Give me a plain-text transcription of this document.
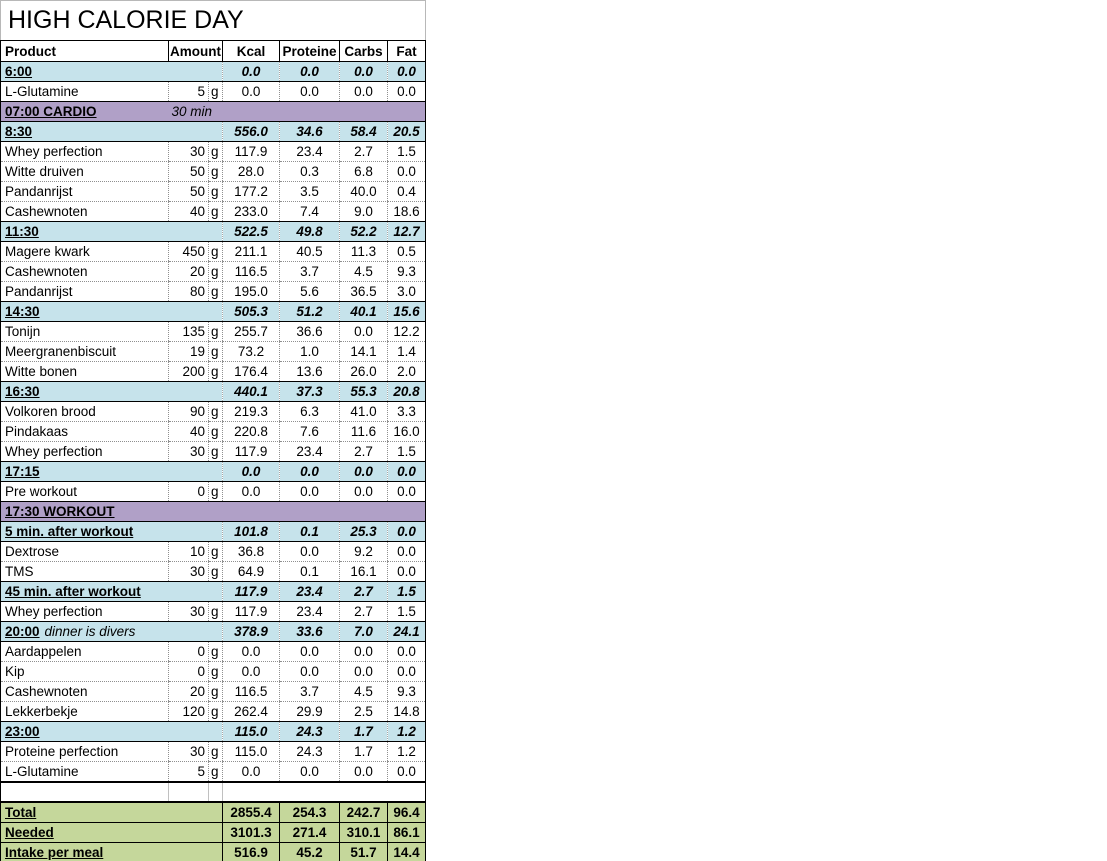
HIGH CALORIE DAY
Product	Amount		Kcal	Proteine	Carbs	Fat
6:00			0.0	0.0	0.0	0.0
L-Glutamine	5	g	0.0	0.0	0.0	0.0
07:00 CARDIO	30 min					
8:30			556.0	34.6	58.4	20.5
Whey perfection	30	g	117.9	23.4	2.7	1.5
Witte druiven	50	g	28.0	0.3	6.8	0.0
Pandanrijst	50	g	177.2	3.5	40.0	0.4
Cashewnoten	40	g	233.0	7.4	9.0	18.6
11:30			522.5	49.8	52.2	12.7
Magere kwark	450	g	211.1	40.5	11.3	0.5
Cashewnoten	20	g	116.5	3.7	4.5	9.3
Pandanrijst	80	g	195.0	5.6	36.5	3.0
14:30			505.3	51.2	40.1	15.6
Tonijn	135	g	255.7	36.6	0.0	12.2
Meergranenbiscuit	19	g	73.2	1.0	14.1	1.4
Witte bonen	200	g	176.4	13.6	26.0	2.0
16:30			440.1	37.3	55.3	20.8
Volkoren brood	90	g	219.3	6.3	41.0	3.3
Pindakaas	40	g	220.8	7.6	11.6	16.0
Whey perfection	30	g	117.9	23.4	2.7	1.5
17:15			0.0	0.0	0.0	0.0
Pre workout	0	g	0.0	0.0	0.0	0.0
17:30 WORKOUT						
5 min. after workout			101.8	0.1	25.3	0.0
Dextrose	10	g	36.8	0.0	9.2	0.0
TMS	30	g	64.9	0.1	16.1	0.0
45 min. after workout			117.9	23.4	2.7	1.5
Whey perfection	30	g	117.9	23.4	2.7	1.5
20:00 dinner is divers			378.9	33.6	7.0	24.1
Aardappelen	0	g	0.0	0.0	0.0	0.0
Kip	0	g	0.0	0.0	0.0	0.0
Cashewnoten	20	g	116.5	3.7	4.5	9.3
Lekkerbekje	120	g	262.4	29.9	2.5	14.8
23:00			115.0	24.3	1.7	1.2
Proteine perfection	30	g	115.0	24.3	1.7	1.2
L-Glutamine	5	g	0.0	0.0	0.0	0.0

Total			2855.4	254.3	242.7	96.4
Needed			3101.3	271.4	310.1	86.1
Intake per meal			516.9	45.2	51.7	14.4
